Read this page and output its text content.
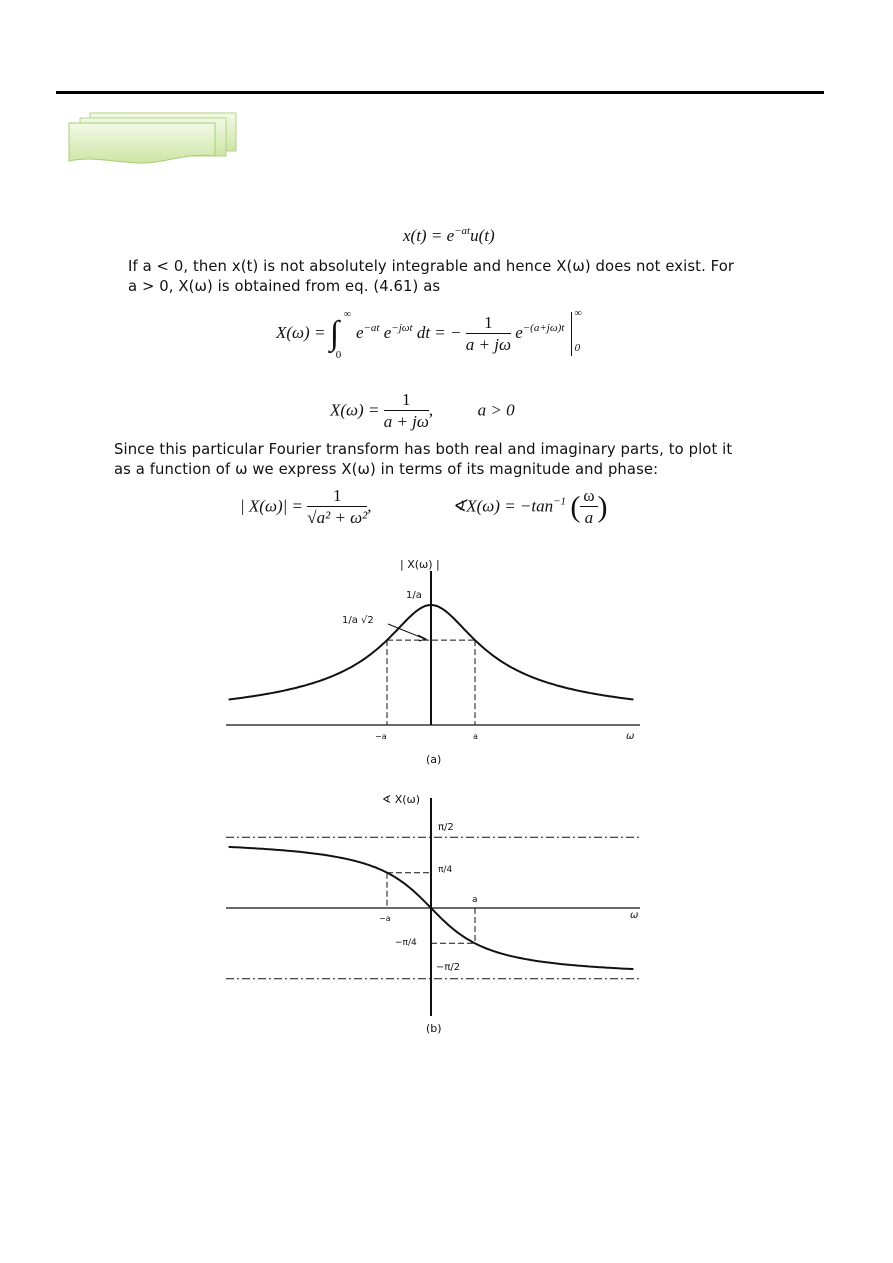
$x(t) = e^{-at}u(t)$
If a < 0, then x(t) is not absolutely integrable and hence X(ω) does not exist. For
a > 0, X(ω) is obtained from eq. (4.61) as
X(ω) = ∫
∞
0
$e^{-at}$ $e^{-j\omega t}$ dt = − $\frac{1}{a + j\omega} e^{-(a+j\omega)t}$
∞
0
$X(\omega) = \frac{1}{a + j\omega}$ ,  a > 0
Since this particular Fourier transform has both real and imaginary parts, to plot it
as a function of ω we express X(ω) in terms of its magnitude and phase:
| $X(\omega)| = \frac{1}{\text{√a² + ω²}}$ ,	∢X(ω) = $-\tan^{-1}$ ( $\frac{\omega}{a}$ )
| X(ω) |
1/a
1/a √2
−a	a	ω
(a)
∢ X(ω)
π/2
π/4
−π/4
−π/2
−a
a
ω
(b)
